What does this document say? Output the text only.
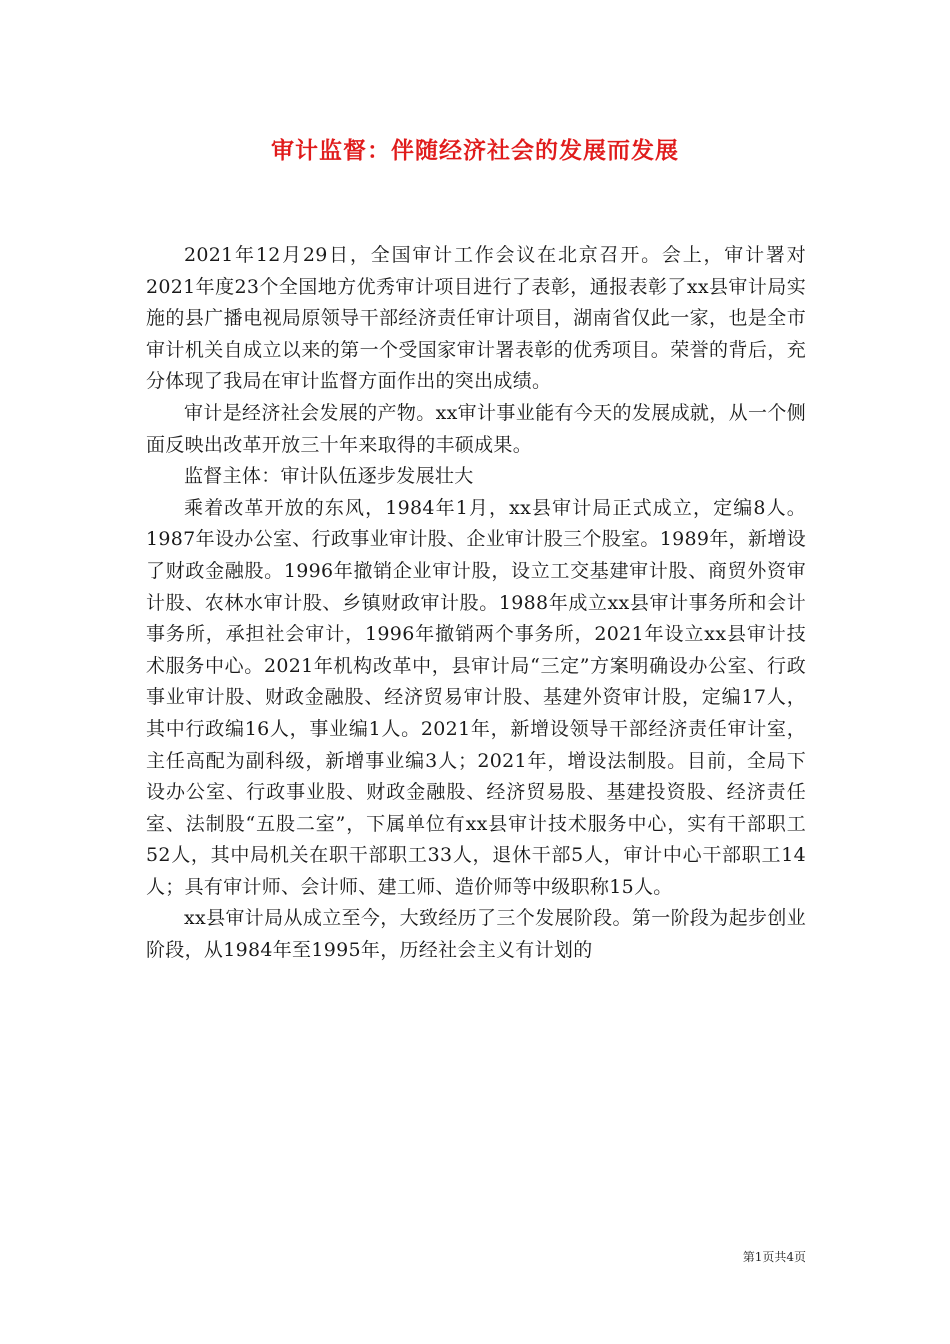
审计监督：伴随经济社会的发展而发展

2021年12月29日，全国审计工作会议在北京召开。会上，审计署对2021年度23个全国地方优秀审计项目进行了表彰，通报表彰了xx县审计局实施的县广播电视局原领导干部经济责任审计项目，湖南省仅此一家，也是全市审计机关自成立以来的第一个受国家审计署表彰的优秀项目。荣誉的背后，充分体现了我局在审计监督方面作出的突出成绩。

审计是经济社会发展的产物。xx审计事业能有今天的发展成就，从一个侧面反映出改革开放三十年来取得的丰硕成果。

监督主体：审计队伍逐步发展壮大

乘着改革开放的东风，1984年1月，xx县审计局正式成立，定编8人。1987年设办公室、行政事业审计股、企业审计股三个股室。1989年，新增设了财政金融股。1996年撤销企业审计股，设立工交基建审计股、商贸外资审计股、农林水审计股、乡镇财政审计股。1988年成立xx县审计事务所和会计事务所，承担社会审计，1996年撤销两个事务所，2021年设立xx县审计技术服务中心。2021年机构改革中，县审计局“三定”方案明确设办公室、行政事业审计股、财政金融股、经济贸易审计股、基建外资审计股，定编17人，其中行政编16人，事业编1人。2021年，新增设领导干部经济责任审计室，主任高配为副科级，新增事业编3人；2021年，增设法制股。目前，全局下设办公室、行政事业股、财政金融股、经济贸易股、基建投资股、经济责任室、法制股“五股二室”，下属单位有xx县审计技术服务中心，实有干部职工52人，其中局机关在职干部职工33人，退休干部5人，审计中心干部职工14人；具有审计师、会计师、建工师、造价师等中级职称15人。

xx县审计局从成立至今，大致经历了三个发展阶段。第一阶段为起步创业阶段，从1984年至1995年，历经社会主义有计划的

第1页共4页
